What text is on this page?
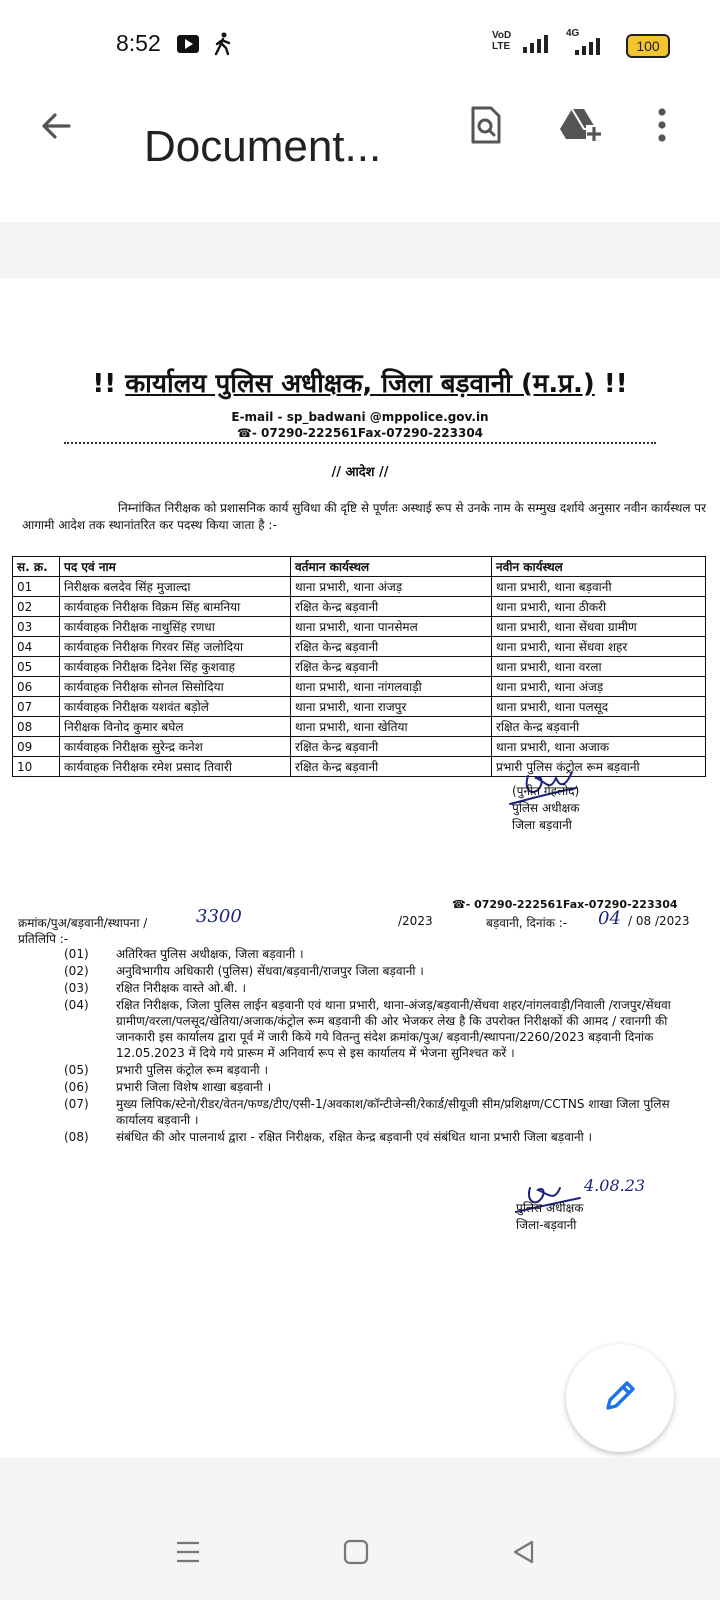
8:52	VoD LTE
4G
100
Document...
!! कार्यालय पुलिस अधीक्षक, जिला बड़वानी (म.प्र.) !!
E-mail - sp_badwani @mppolice.gov.in
☎- 07290-222561Fax-07290-223304
// आदेश //
निम्नांकित निरीक्षक को प्रशासनिक कार्य सुविधा की दृष्टि से पूर्णतः अस्थाई रूप से उनके नाम के सम्मुख दर्शाये अनुसार नवीन कार्यस्थल पर आगामी आदेश तक स्थानांतरित कर पदस्थ किया जाता है :-
स. क्र.	पद एवं नाम	वर्तमान कार्यस्थल	नवीन कार्यस्थल
01	निरीक्षक बलदेव सिंह मुजाल्दा	थाना प्रभारी, थाना अंजड़	थाना प्रभारी, थाना बड़वानी
02	कार्यवाहक निरीक्षक विक्रम सिंह बामनिया	रक्षित केन्द्र बड़वानी	थाना प्रभारी, थाना ठीकरी
03	कार्यवाहक निरीक्षक नाथुसिंह रणधा	थाना प्रभारी, थाना पानसेमल	थाना प्रभारी, थाना सेंधवा ग्रामीण
04	कार्यवाहक निरीक्षक गिरवर सिंह जलोदिया	रक्षित केन्द्र बड़वानी	थाना प्रभारी, थाना सेंधवा शहर
05	कार्यवाहक निरीक्षक दिनेश सिंह कुशवाह	रक्षित केन्द्र बड़वानी	थाना प्रभारी, थाना वरला
06	कार्यवाहक निरीक्षक सोनल सिसोदिया	थाना प्रभारी, थाना नांगलवाड़ी	थाना प्रभारी, थाना अंजड़
07	कार्यवाहक निरीक्षक यशवंत बड़ोले	थाना प्रभारी, थाना राजपुर	थाना प्रभारी, थाना पलसूद
08	निरीक्षक विनोद कुमार बघेल	थाना प्रभारी, थाना खेतिया	रक्षित केन्द्र बड़वानी
09	कार्यवाहक निरीक्षक सुरेन्द्र कनेश	रक्षित केन्द्र बड़वानी	थाना प्रभारी, थाना अजाक
10	कार्यवाहक निरीक्षक रमेश प्रसाद तिवारी	रक्षित केन्द्र बड़वानी	प्रभारी पुलिस कंट्रोल रूम बड़वानी
(पुनीत गेहलोद)
पुलिस अधीक्षक
जिला बड़वानी
☎- 07290-222561Fax-07290-223304
क्रमांक/पुअ/बड़वानी/स्थापना /	3300	/2023	बड़वानी, दिनांक :- 04 / 08 /2023
प्रतिलिपि :-
(01)	अतिरिक्त पुलिस अधीक्षक, जिला बड़वानी ।
(02)	अनुविभागीय अधिकारी (पुलिस) सेंधवा/बड़वानी/राजपुर जिला बड़वानी ।
(03)	रक्षित निरीक्षक वास्ते ओ.बी. ।
(04)	रक्षित निरीक्षक, जिला पुलिस लाईन बड़वानी एवं थाना प्रभारी, थाना-अंजड़/बड़वानी/सेंधवा शहर/नांगलवाड़ी/निवाली /राजपुर/सेंधवा ग्रामीण/वरला/पलसूद/खेतिया/अजाक/कंट्रोल रूम बड़वानी की ओर भेजकर लेख है कि उपरोक्त निरीक्षकों की आमद / रवानगी की जानकारी इस कार्यालय द्वारा पूर्व में जारी किये गये वितन्तु संदेश क्रमांक/पुअ/ बड़वानी/स्थापना/2260/2023 बड़वानी दिनांक 12.05.2023 में दिये गये प्रारूम में अनिवार्य रूप से इस कार्यालय में भेजना सुनिश्चत करें ।
(05)	प्रभारी पुलिस कंट्रोल रूम बड़वानी ।
(06)	प्रभारी जिला विशेष शाखा बड़वानी ।
(07)	मुख्य लिपिक/स्टेनो/रीडर/वेतन/फण्ड/टीए/एसी-1/अवकाश/कॉन्टीजेन्सी/रेकार्ड/सीयूजी सीम/प्रशिक्षण/CCTNS शाखा जिला पुलिस कार्यालय बड़वानी ।
(08)	संबंधित की ओर पालनार्थ द्वारा - रक्षित निरीक्षक, रक्षित केन्द्र बड़वानी एवं संबंधित थाना प्रभारी जिला बड़वानी ।
4.08.23
पुलिस अधीक्षक
जिला-बड़वानी
